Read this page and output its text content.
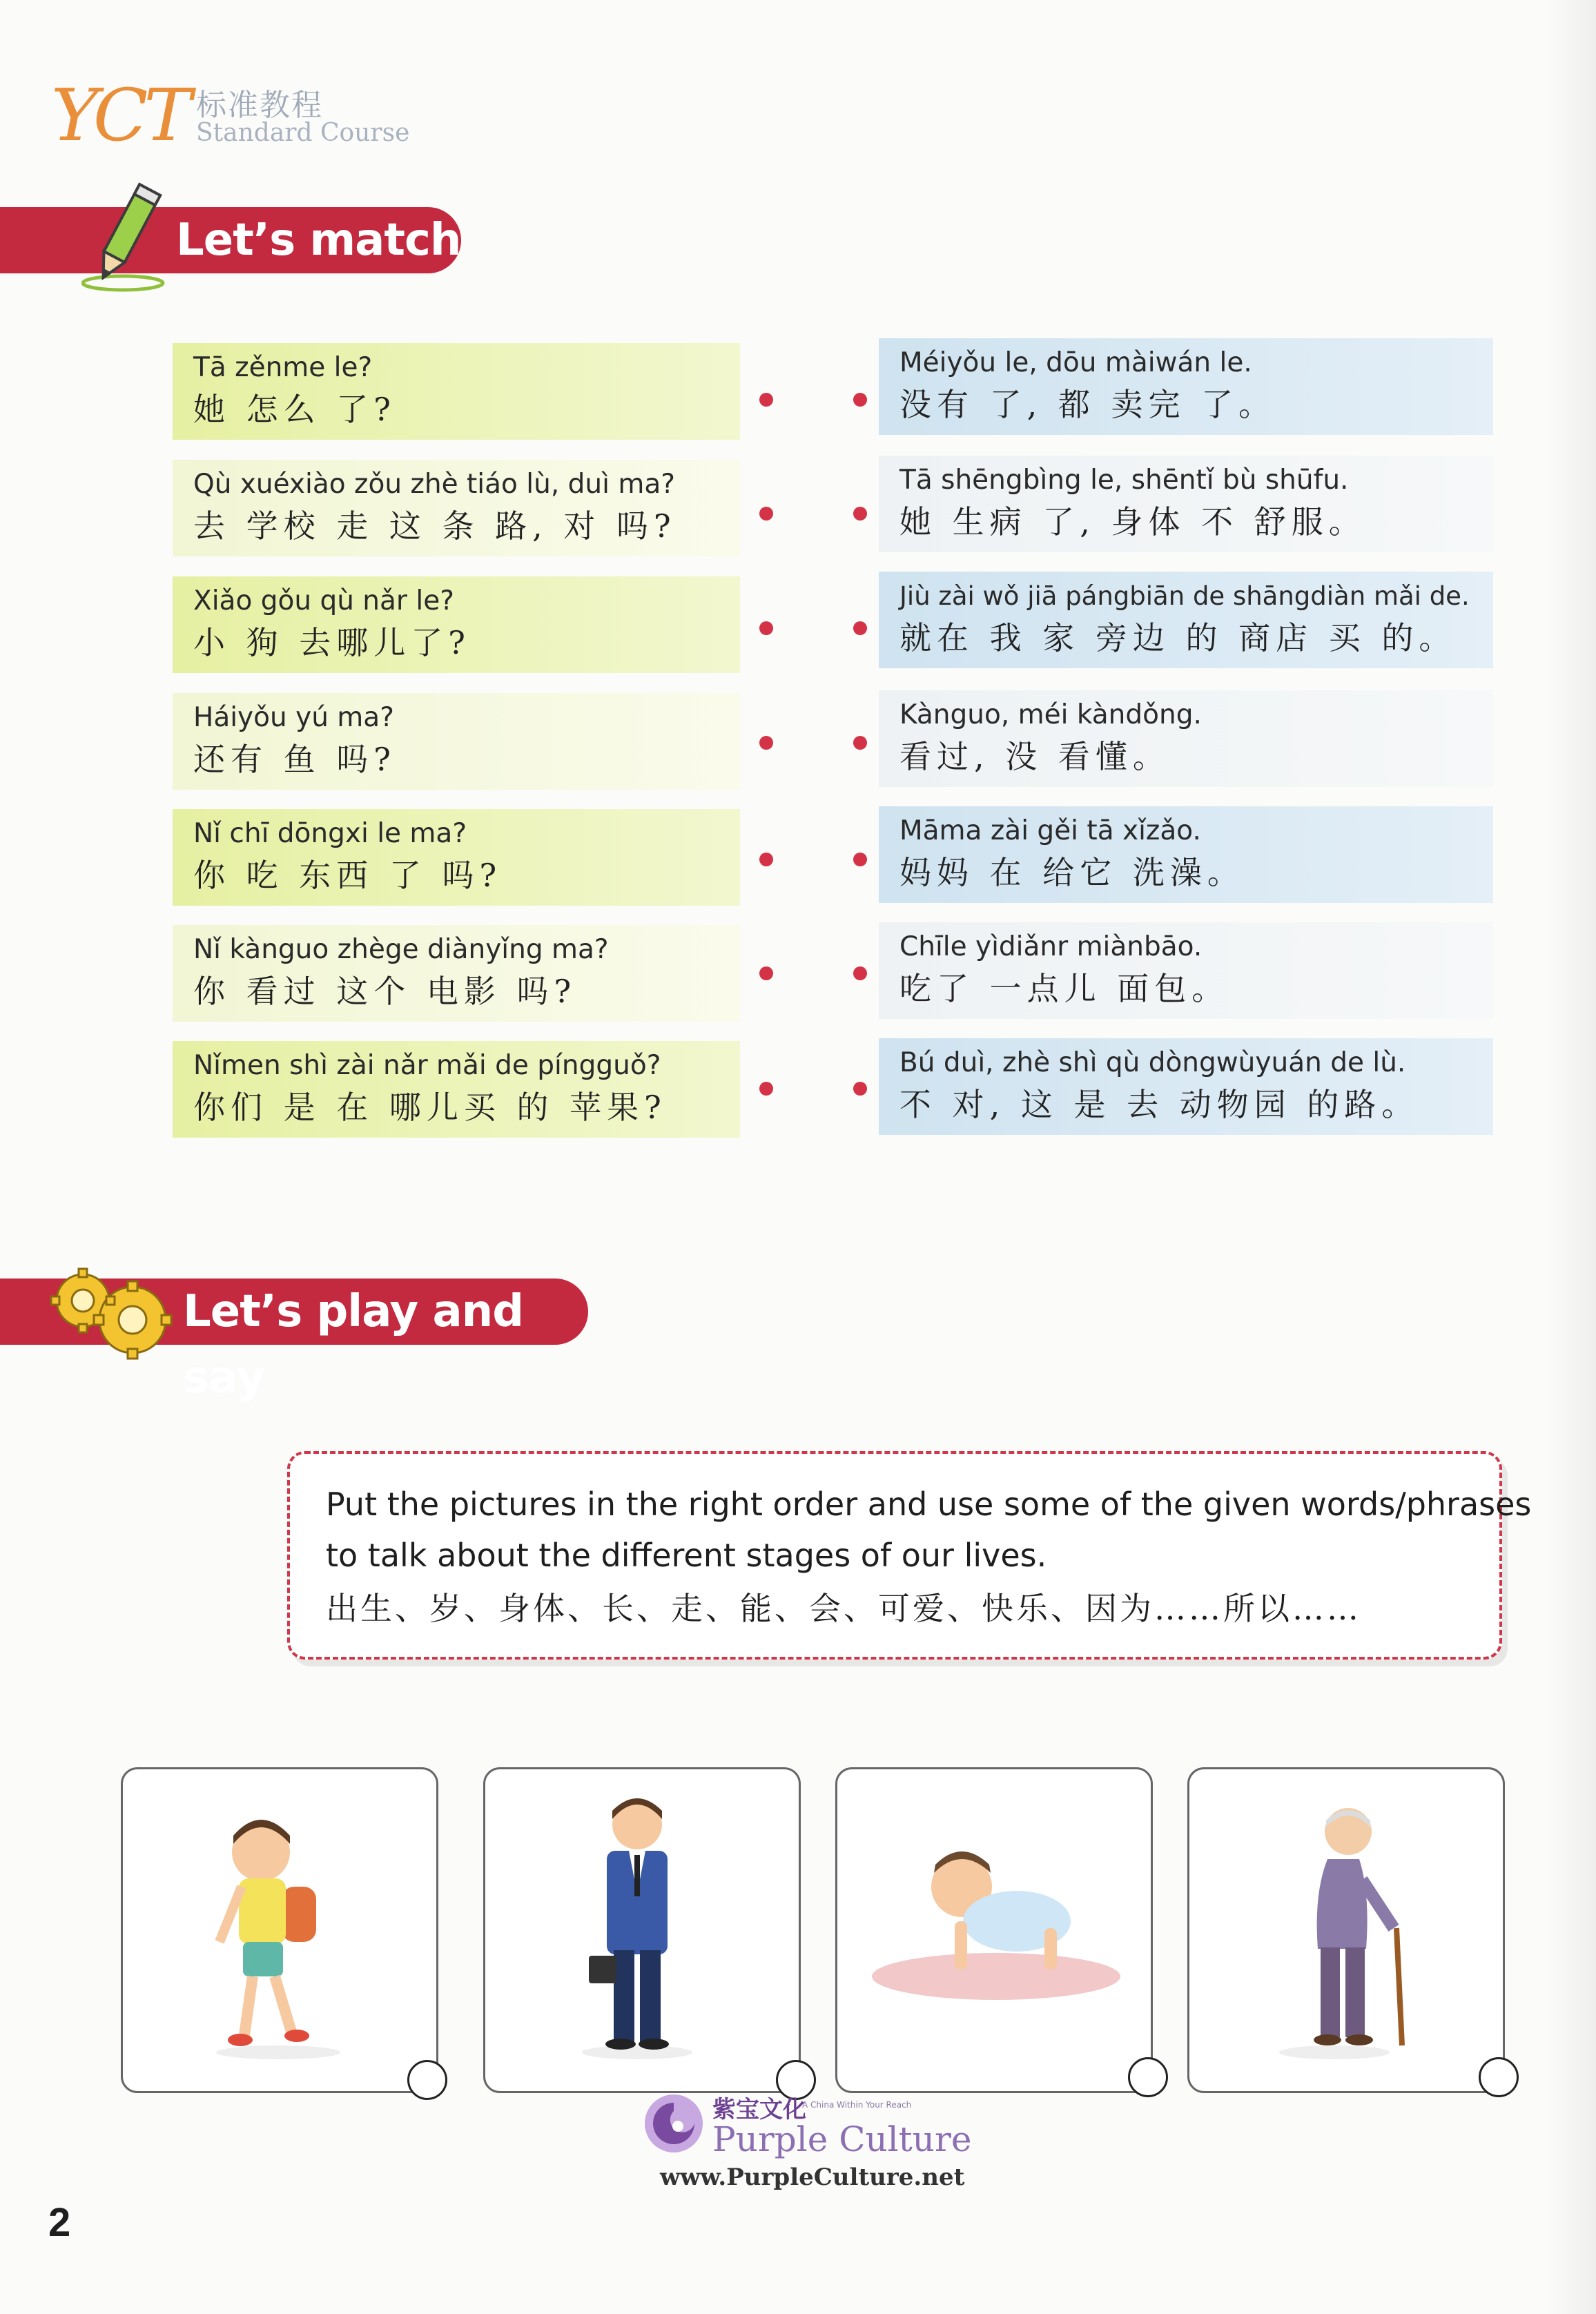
YCT 标准教程
Standard Course
Let’s match
Tā zěnme le?
她 怎么 了?
Méiyǒu le, dōu màiwán le.
没有 了, 都 卖完 了。
Qù xuéxiào zǒu zhè tiáo lù, duì ma?
去 学校 走 这 条 路, 对 吗?
Tā shēngbìng le, shēntǐ bù shūfu.
她 生病 了, 身体 不 舒服。
Xiǎo gǒu qù nǎr le?
小 狗 去哪儿了?
Jiù zài wǒ jiā pángbiān de shāngdiàn mǎi de.
就在 我 家 旁边 的 商店 买 的。
Háiyǒu yú ma?
还有 鱼 吗?
Kànguo, méi kàndǒng.
看过, 没 看懂。
Nǐ chī dōngxi le ma?
你 吃 东西 了 吗?
Māma zài gěi tā xǐzǎo.
妈妈 在 给它 洗澡。
Nǐ kànguo zhège diànyǐng ma?
你 看过 这个 电影 吗?
Chīle yìdiǎnr miànbāo.
吃了 一点儿 面包。
Nǐmen shì zài nǎr mǎi de píngguǒ?
你们 是 在 哪儿买 的 苹果?
Bú duì, zhè shì qù dòngwùyuán de lù.
不 对, 这 是 去 动物园 的路。
Let’s play and say
Put the pictures in the right order and use some of the given words/phrases
to talk about the different stages of our lives.
出生、岁、身体、长、走、能、会、可爱、快乐、因为……所以……
紫宝文化
A China Within Your Reach
Purple Culture
www.PurpleCulture.net
2
